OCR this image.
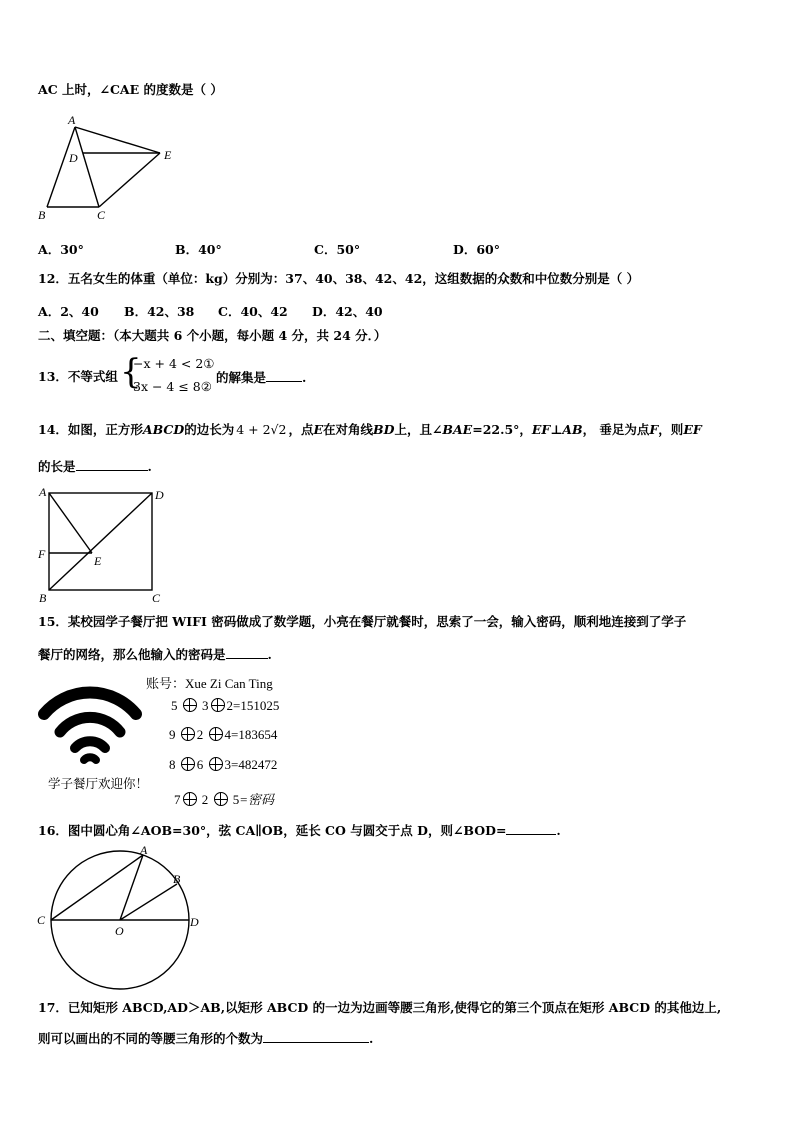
AC 上时，∠CAE 的度数是（ ）
A
D	E
B	C
A．30°	B．40°	C．50°	D．60°
12．五名女生的体重（单位：kg）分别为：37、40、38、42、42，这组数据的众数和中位数分别是（ ）
A．2、40 B．42、38 C．40、42 D．42、40
二、填空题：（本大题共 6 个小题，每小题 4 分，共 24 分．）
13．不等式组 {
−x + 4 < 2①
3x − 4 ≤ 8②
的解集是	.
14．如图，正方形ABCD的边长为 4 + 2√2 ，点E在对角线BD上，且∠BAE=22.5°，EF⊥AB， 垂足为点F，则EF
的长是	.
A	D
F	E
B	C
15．某校园学子餐厅把 WIFI 密码做成了数学题，小亮在餐厅就餐时，思索了一会，输入密码，顺利地连接到了学子
餐厅的网络，那么他输入的密码是	.
账号：Xue Zi Can Ting
5 3 2=151025
9 2 4=183654
8 6 3=482472
7 2 5=密码
学子餐厅欢迎你！
16．图中圆心角∠AOB=30°，弦 CA∥OB，延长 CO 与圆交于点 D，则∠BOD=	.
A
B
C	D
O
17．已知矩形 ABCD,AD＞AB,以矩形 ABCD 的一边为边画等腰三角形,使得它的第三个顶点在矩形 ABCD 的其他边上,
则可以画出的不同的等腰三角形的个数为	.
